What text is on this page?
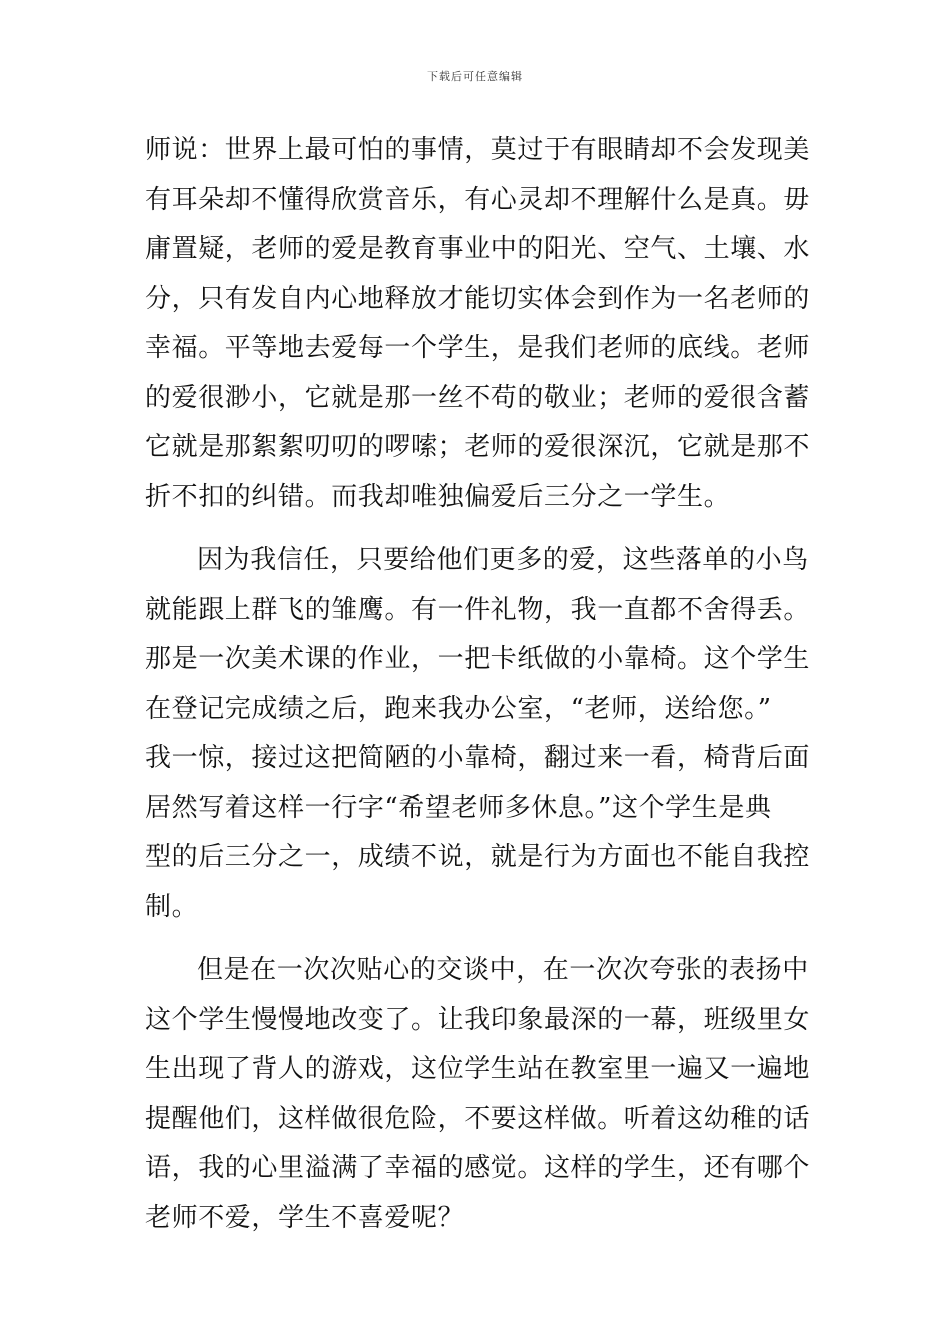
下载后可任意编辑
师说：世界上最可怕的事情，莫过于有眼睛却不会发现美
有耳朵却不懂得欣赏音乐，有心灵却不理解什么是真。毋
庸置疑，老师的爱是教育事业中的阳光、空气、土壤、水
分，只有发自内心地释放才能切实体会到作为一名老师的
幸福。平等地去爱每一个学生，是我们老师的底线。老师
的爱很渺小，它就是那一丝不苟的敬业；老师的爱很含蓄
它就是那絮絮叨叨的啰嗦；老师的爱很深沉，它就是那不
折不扣的纠错。而我却唯独偏爱后三分之一学生。
因为我信任，只要给他们更多的爱，这些落单的小鸟
就能跟上群飞的雏鹰。有一件礼物，我一直都不舍得丢。
那是一次美术课的作业，一把卡纸做的小靠椅。这个学生
在登记完成绩之后，跑来我办公室，“老师，送给您。”
我一惊，接过这把简陋的小靠椅，翻过来一看，椅背后面
居然写着这样一行字“希望老师多休息。”这个学生是典
型的后三分之一，成绩不说，就是行为方面也不能自我控
制。
但是在一次次贴心的交谈中，在一次次夸张的表扬中
这个学生慢慢地改变了。让我印象最深的一幕，班级里女
生出现了背人的游戏，这位学生站在教室里一遍又一遍地
提醒他们，这样做很危险，不要这样做。听着这幼稚的话
语，我的心里溢满了幸福的感觉。这样的学生，还有哪个
老师不爱，学生不喜爱呢？
